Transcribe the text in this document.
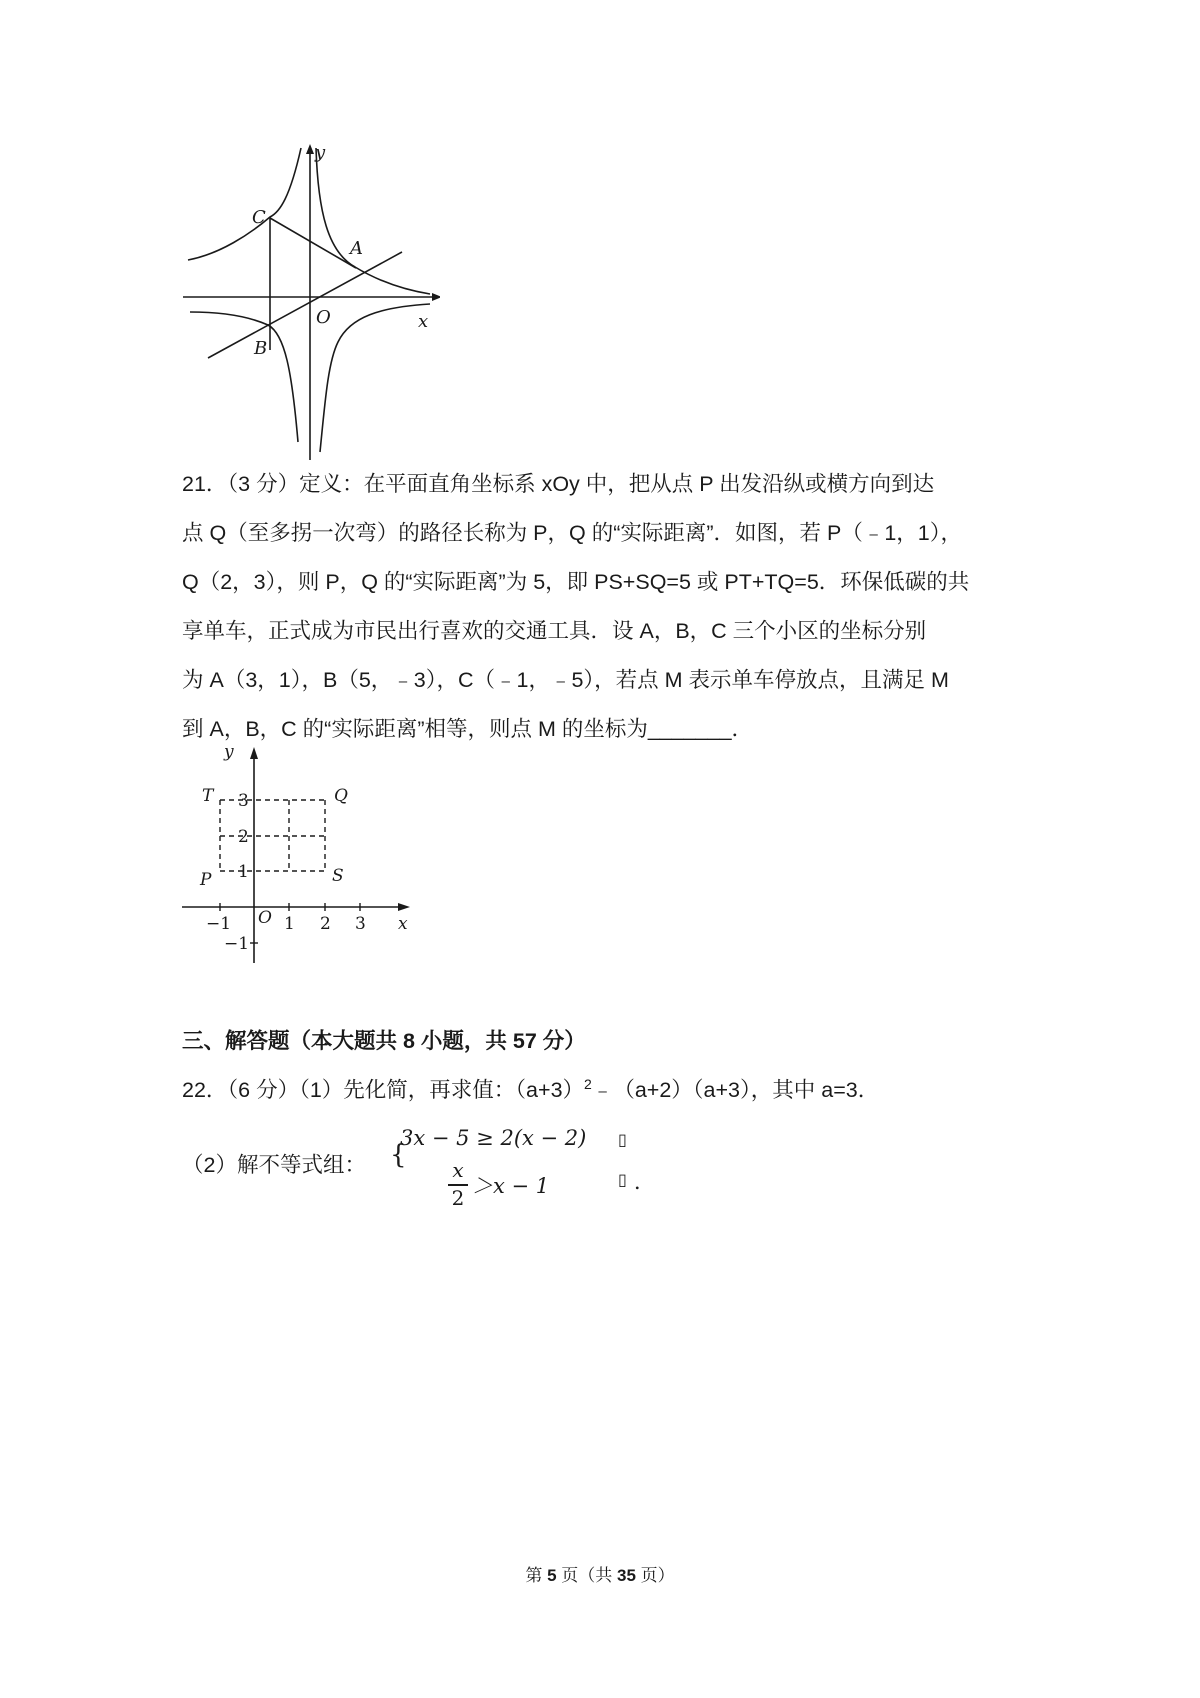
y
x
C
A
O
B

21．（3 分）定义：在平面直角坐标系 xOy 中，把从点 P 出发沿纵或横方向到达

点 Q（至多拐一次弯）的路径长称为 P，Q 的“实际距离”．如图，若 P（﹣1，1），

Q（2，3），则 P，Q 的“实际距离”为 5，即 PS+SQ=5 或 PT+TQ=5．环保低碳的共

享单车，正式成为市民出行喜欢的交通工具．设 A，B，C 三个小区的坐标分别

为 A（3，1），B（5，﹣3），C（﹣1，﹣5），若点 M 表示单车停放点，且满足 M

到 A，B，C 的“实际距离”相等，则点 M 的坐标为_______．

y
x
T	Q
P	S
O
−1	1 2 3
3
2
1
−1

三、解答题（本大题共 8 小题，共 57 分）

22．（6 分）（1）先化简，再求值：$(a+3)^2﹣(a+2)(a+3)$，其中 a=3．

（2）解不等式组： {
3x − 5 ≥ 2(x − 2) ▯
x
2 ＞x − 1	▯ ．
第 5 页（共 35 页）
